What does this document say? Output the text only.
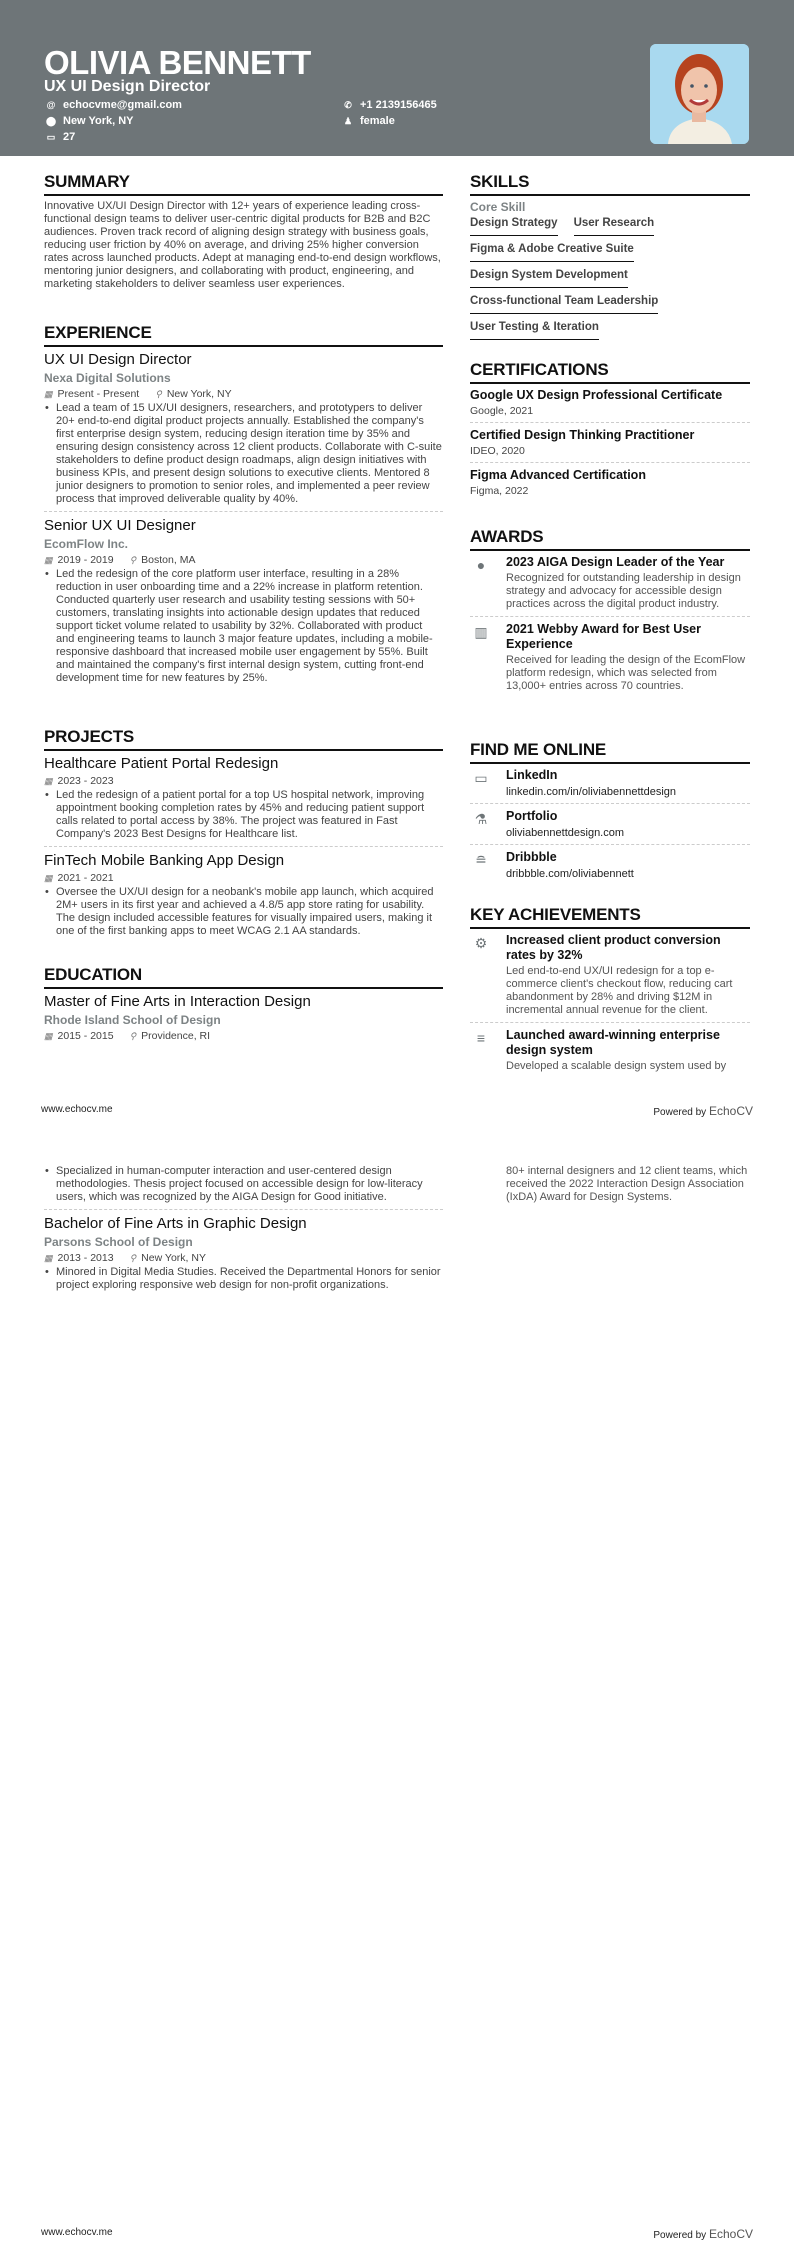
OLIVIA BENNETT
UX UI Design Director
@ echocvme@gmail.com
⬤ New York, NY
▭ 27
✆ +1 2139156465
♟ female
SUMMARY
Innovative UX/UI Design Director with 12+ years of experience leading cross-functional design teams to deliver user-centric digital products for B2B and B2C audiences. Proven track record of aligning design strategy with business goals, reducing user friction by 40% on average, and driving 25% higher conversion rates across launched products. Adept at managing end-to-end design workflows, mentoring junior designers, and collaborating with product, engineering, and marketing stakeholders to deliver seamless user experiences.
EXPERIENCE
UX UI Design Director
Nexa Digital Solutions
▦ Present - Present ⚲ New York, NY
• Lead a team of 15 UX/UI designers, researchers, and prototypers to deliver 20+ end-to-end digital product projects annually. Established the company's first enterprise design system, reducing design iteration time by 35% and ensuring design consistency across 12 client products. Collaborate with C-suite stakeholders to define product design roadmaps, align design initiatives with business KPIs, and present design solutions to executive clients. Mentored 8 junior designers to promotion to senior roles, and implemented a peer review process that improved deliverable quality by 40%.
Senior UX UI Designer
EcomFlow Inc.
▦ 2019 - 2019 ⚲ Boston, MA
• Led the redesign of the core platform user interface, resulting in a 28% reduction in user onboarding time and a 22% increase in platform retention. Conducted quarterly user research and usability testing sessions with 50+ customers, translating insights into actionable design updates that reduced support ticket volume related to usability by 32%. Collaborated with product and engineering teams to launch 3 major feature updates, including a mobile-responsive dashboard that increased mobile user engagement by 55%. Built and maintained the company's first internal design system, cutting front-end development time for new features by 25%.
PROJECTS
Healthcare Patient Portal Redesign
▦ 2023 - 2023
• Led the redesign of a patient portal for a top US hospital network, improving appointment booking completion rates by 45% and reducing patient support calls related to portal access by 38%. The project was featured in Fast Company's 2023 Best Designs for Healthcare list.
FinTech Mobile Banking App Design
▦ 2021 - 2021
• Oversee the UX/UI design for a neobank's mobile app launch, which acquired 2M+ users in its first year and achieved a 4.8/5 app store rating for usability. The design included accessible features for visually impaired users, making it one of the first banking apps to meet WCAG 2.1 AA standards.
EDUCATION
Master of Fine Arts in Interaction Design
Rhode Island School of Design
▦ 2015 - 2015 ⚲ Providence, RI
SKILLS
Core Skill
Design Strategy User Research
Figma & Adobe Creative Suite
Design System Development
Cross-functional Team Leadership
User Testing & Iteration
CERTIFICATIONS
Google UX Design Professional Certificate
Google, 2021
Certified Design Thinking Practitioner
IDEO, 2020
Figma Advanced Certification
Figma, 2022
AWARDS
●	2023 AIGA Design Leader of the Year
Recognized for outstanding leadership in design strategy and advocacy for accessible design practices across the digital product industry.
▥	2021 Webby Award for Best User Experience
Received for leading the design of the EcomFlow platform redesign, which was selected from 13,000+ entries across 70 countries.
FIND ME ONLINE
▭	LinkedIn
linkedin.com/in/oliviabennettdesign
⚗	Portfolio
oliviabennettdesign.com
≘	Dribbble
dribbble.com/oliviabennett
KEY ACHIEVEMENTS
⚙	Increased client product conversion rates by 32%
Led end-to-end UX/UI redesign for a top e-commerce client's checkout flow, reducing cart abandonment by 28% and driving $12M in incremental annual revenue for the client.
≡	Launched award-winning enterprise design system
Developed a scalable design system used by
www.echocv.me	Powered by EchoCV
• Specialized in human-computer interaction and user-centered design methodologies. Thesis project focused on accessible design for low-literacy users, which was recognized by the AIGA Design for Good initiative.
Bachelor of Fine Arts in Graphic Design
Parsons School of Design
▦ 2013 - 2013 ⚲ New York, NY
• Minored in Digital Media Studies. Received the Departmental Honors for senior project exploring responsive web design for non-profit organizations.
80+ internal designers and 12 client teams, which received the 2022 Interaction Design Association (IxDA) Award for Design Systems.
www.echocv.me	Powered by EchoCV
